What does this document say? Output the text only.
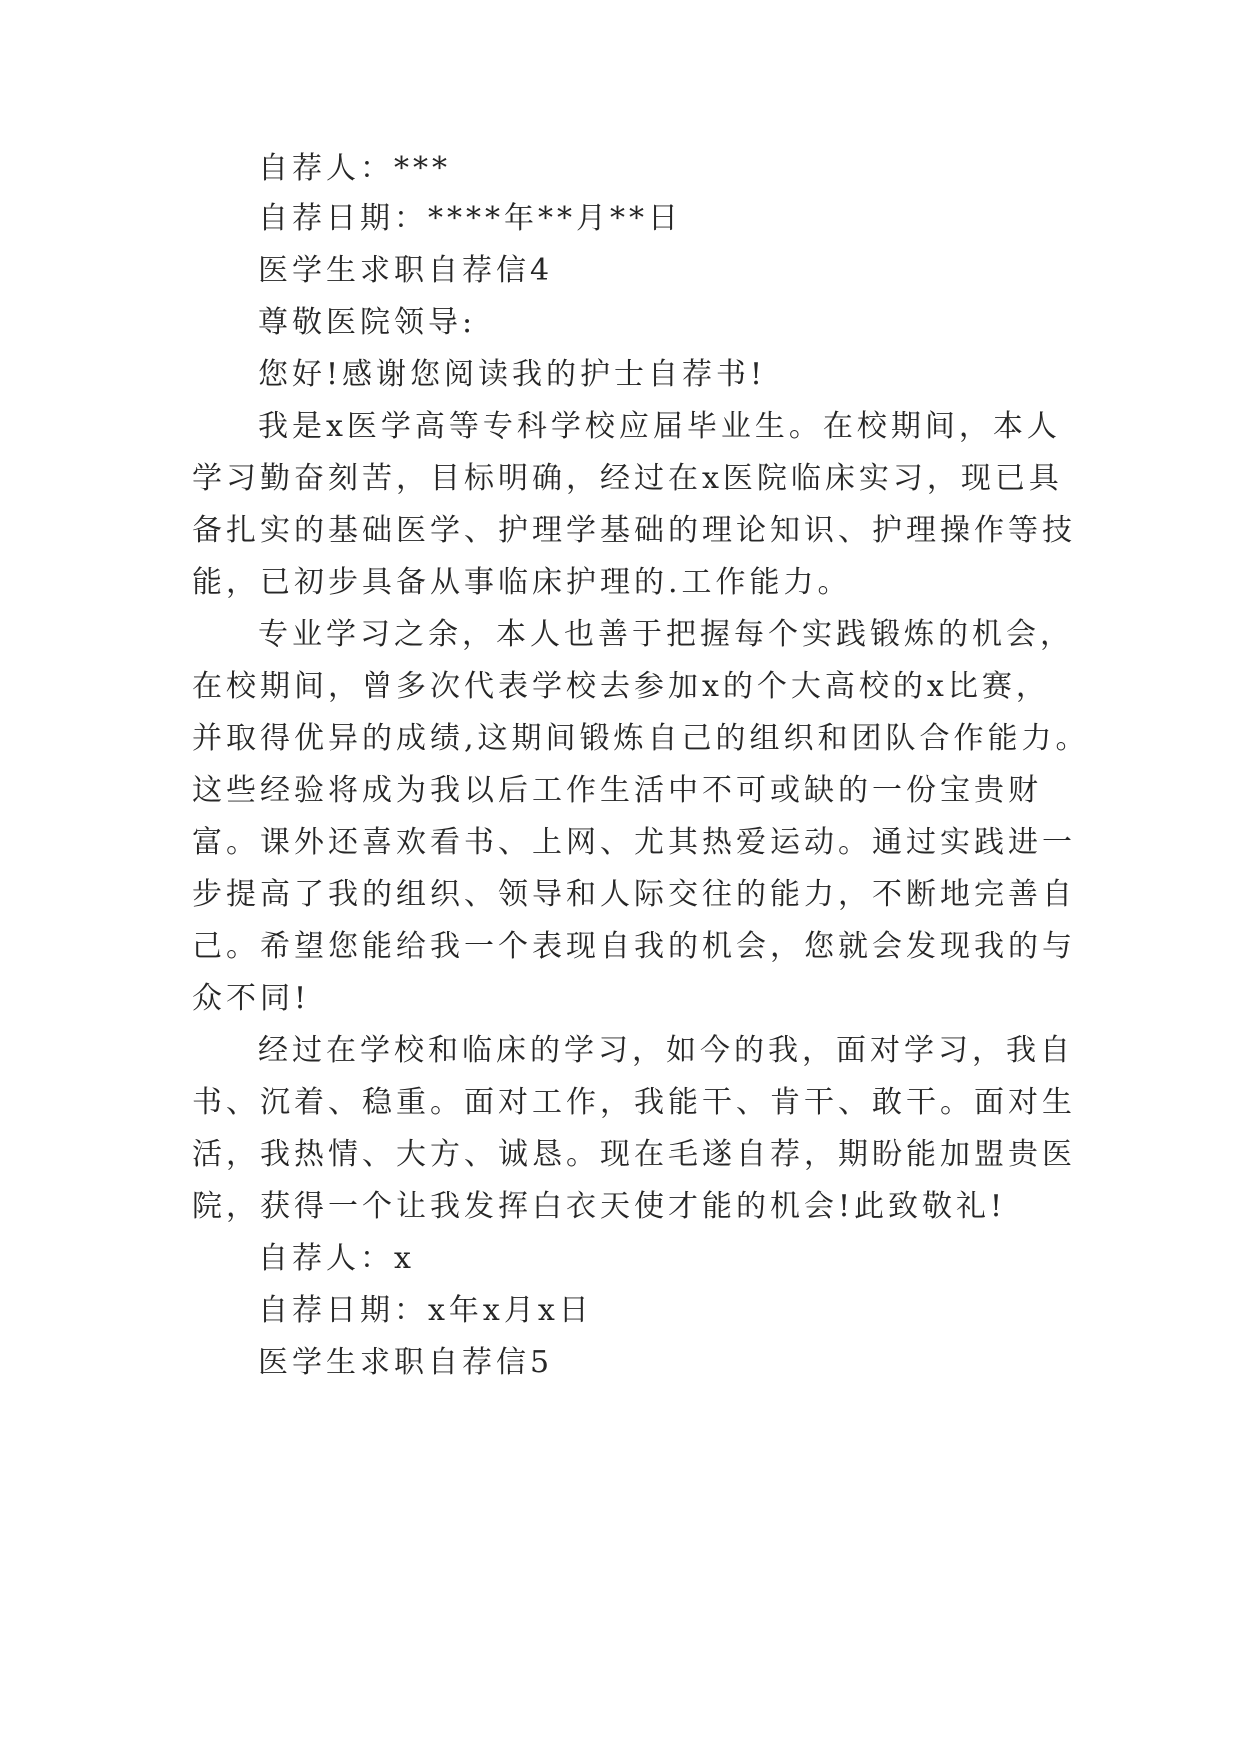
自荐人：***
自荐日期：****年**月**日
医学生求职自荐信4
尊敬医院领导:
您好!感谢您阅读我的护士自荐书!
我是x医学高等专科学校应届毕业生。在校期间，本人
学习勤奋刻苦，目标明确，经过在x医院临床实习，现已具
备扎实的基础医学、护理学基础的理论知识、护理操作等技
能，已初步具备从事临床护理的.工作能力。
专业学习之余，本人也善于把握每个实践锻炼的机会，
在校期间，曾多次代表学校去参加x的个大高校的x比赛，
并取得优异的成绩,这期间锻炼自己的组织和团队合作能力。
这些经验将成为我以后工作生活中不可或缺的一份宝贵财
富。课外还喜欢看书、上网、尤其热爱运动。通过实践进一
步提高了我的组织、领导和人际交往的能力，不断地完善自
己。希望您能给我一个表现自我的机会，您就会发现我的与
众不同!
经过在学校和临床的学习，如今的我，面对学习，我自
书、沉着、稳重。面对工作，我能干、肯干、敢干。面对生
活，我热情、大方、诚恳。现在毛遂自荐，期盼能加盟贵医
院，获得一个让我发挥白衣天使才能的机会!此致敬礼!
自荐人：x
自荐日期：x年x月x日
医学生求职自荐信5
